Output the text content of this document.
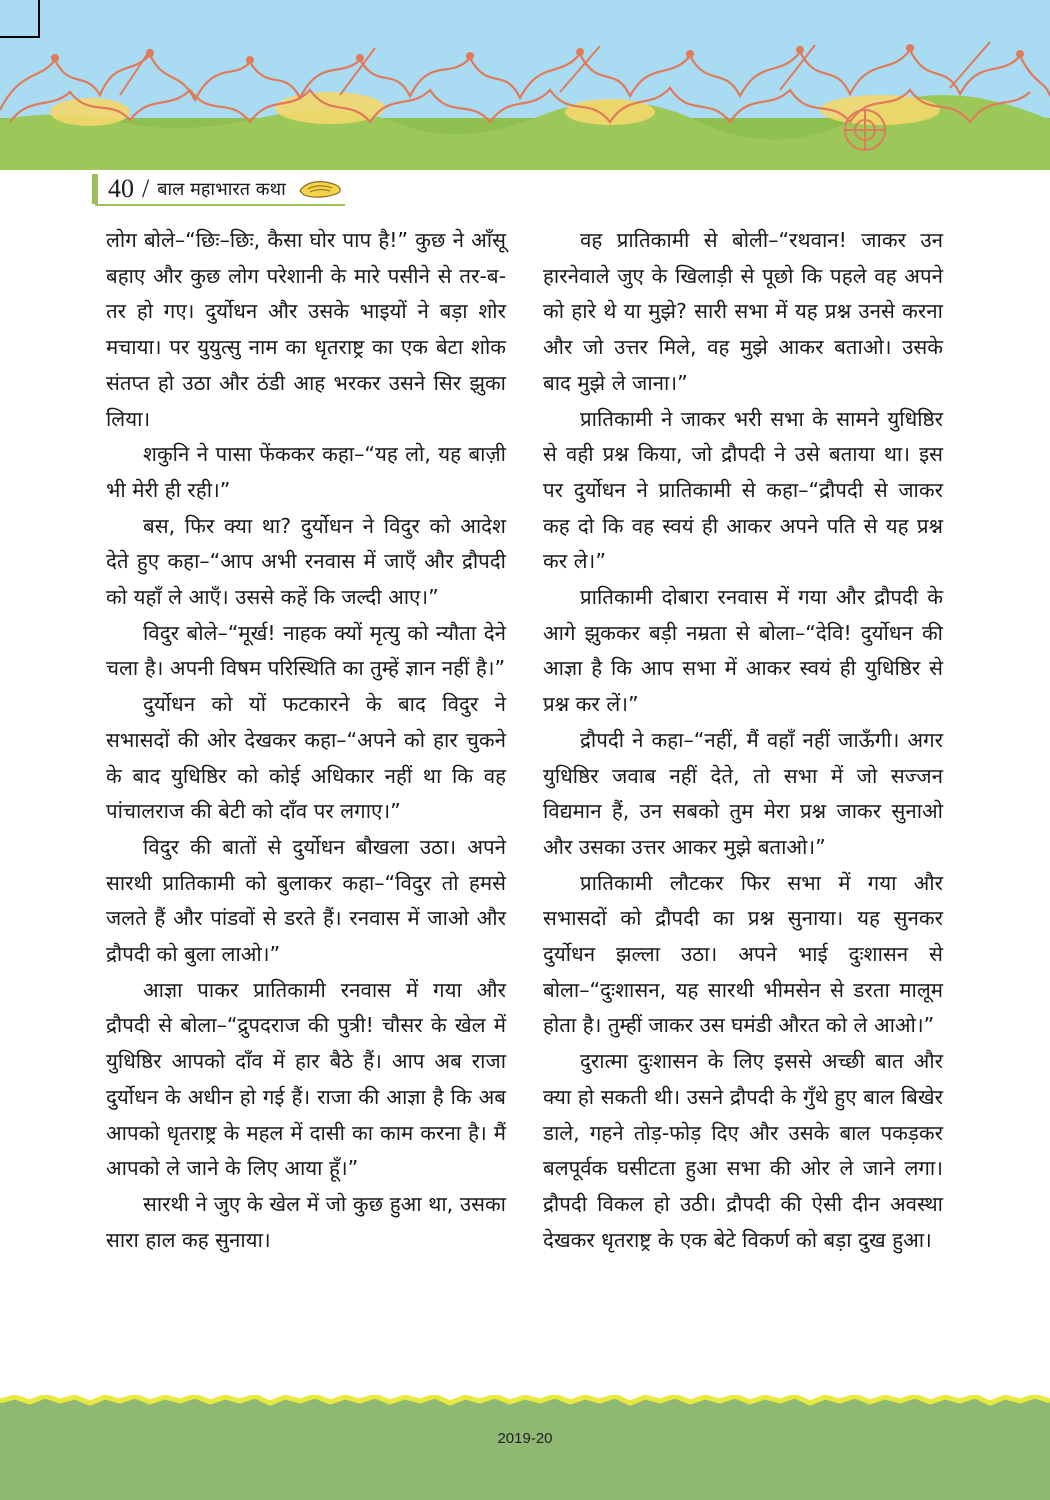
40 / बाल महाभारत कथा

लोग बोले–“छिः–छिः, कैसा घोर पाप है!” कुछ ने आँसू बहाए और कुछ लोग परेशानी के मारे पसीने से तर-ब-तर हो गए। दुर्योधन और उसके भाइयों ने बड़ा शोर मचाया। पर युयुत्सु नाम का धृतराष्ट्र का एक बेटा शोक संतप्त हो उठा और ठंडी आह भरकर उसने सिर झुका लिया।

शकुनि ने पासा फेंककर कहा–“यह लो, यह बाज़ी भी मेरी ही रही।”

बस, फिर क्या था? दुर्योधन ने विदुर को आदेश देते हुए कहा–“आप अभी रनवास में जाएँ और द्रौपदी को यहाँ ले आएँ। उससे कहें कि जल्दी आए।”

विदुर बोले–“मूर्ख! नाहक क्यों मृत्यु को न्यौता देने चला है। अपनी विषम परिस्थिति का तुम्हें ज्ञान नहीं है।”

दुर्योधन को यों फटकारने के बाद विदुर ने सभासदों की ओर देखकर कहा–“अपने को हार चुकने के बाद युधिष्ठिर को कोई अधिकार नहीं था कि वह पांचालराज की बेटी को दाँव पर लगाए।”

विदुर की बातों से दुर्योधन बौखला उठा। अपने सारथी प्रातिकामी को बुलाकर कहा–“विदुर तो हमसे जलते हैं और पांडवों से डरते हैं। रनवास में जाओ और द्रौपदी को बुला लाओ।”

आज्ञा पाकर प्रातिकामी रनवास में गया और द्रौपदी से बोला–“द्रुपदराज की पुत्री! चौसर के खेल में युधिष्ठिर आपको दाँव में हार बैठे हैं। आप अब राजा दुर्योधन के अधीन हो गई हैं। राजा की आज्ञा है कि अब आपको धृतराष्ट्र के महल में दासी का काम करना है। मैं आपको ले जाने के लिए आया हूँ।”

सारथी ने जुए के खेल में जो कुछ हुआ था, उसका सारा हाल कह सुनाया।

वह प्रातिकामी से बोली–“रथवान! जाकर उन हारनेवाले जुए के खिलाड़ी से पूछो कि पहले वह अपने को हारे थे या मुझे? सारी सभा में यह प्रश्न उनसे करना और जो उत्तर मिले, वह मुझे आकर बताओ। उसके बाद मुझे ले जाना।”

प्रातिकामी ने जाकर भरी सभा के सामने युधिष्ठिर से वही प्रश्न किया, जो द्रौपदी ने उसे बताया था। इस पर दुर्योधन ने प्रातिकामी से कहा–“द्रौपदी से जाकर कह दो कि वह स्वयं ही आकर अपने पति से यह प्रश्न कर ले।”

प्रातिकामी दोबारा रनवास में गया और द्रौपदी के आगे झुककर बड़ी नम्रता से बोला–“देवि! दुर्योधन की आज्ञा है कि आप सभा में आकर स्वयं ही युधिष्ठिर से प्रश्न कर लें।”

द्रौपदी ने कहा–“नहीं, मैं वहाँ नहीं जाऊँगी। अगर युधिष्ठिर जवाब नहीं देते, तो सभा में जो सज्जन विद्यमान हैं, उन सबको तुम मेरा प्रश्न जाकर सुनाओ और उसका उत्तर आकर मुझे बताओ।”

प्रातिकामी लौटकर फिर सभा में गया और सभासदों को द्रौपदी का प्रश्न सुनाया। यह सुनकर दुर्योधन झल्ला उठा। अपने भाई दुःशासन से बोला–“दुःशासन, यह सारथी भीमसेन से डरता मालूम होता है। तुम्हीं जाकर उस घमंडी औरत को ले आओ।”

दुरात्मा दुःशासन के लिए इससे अच्छी बात और क्या हो सकती थी। उसने द्रौपदी के गुँथे हुए बाल बिखेर डाले, गहने तोड़-फोड़ दिए और उसके बाल पकड़कर बलपूर्वक घसीटता हुआ सभा की ओर ले जाने लगा। द्रौपदी विकल हो उठी। द्रौपदी की ऐसी दीन अवस्था देखकर धृतराष्ट्र के एक बेटे विकर्ण को बड़ा दुख हुआ।

2019-20
